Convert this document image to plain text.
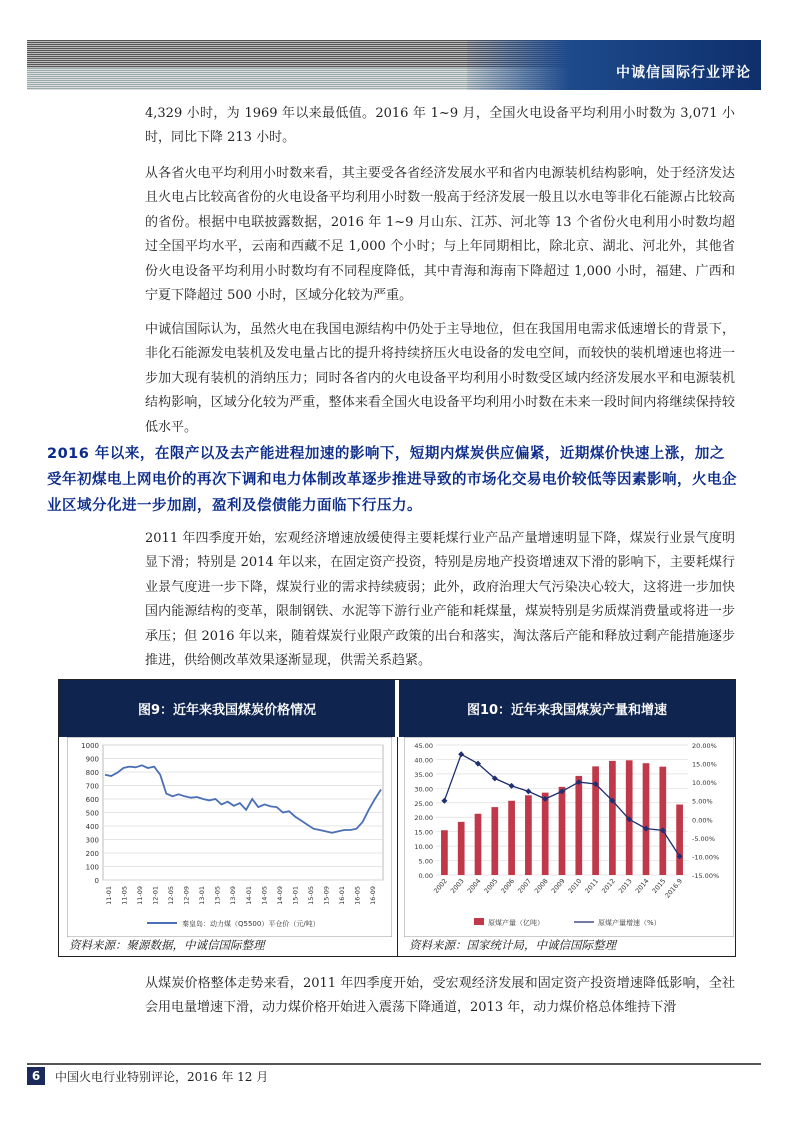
中诚信国际行业评论

4,329 小时，为 1969 年以来最低值。2016 年 1~9 月，全国火电设备平均利用小时数为 3,071 小时，同比下降 213 小时。

从各省火电平均利用小时数来看，其主要受各省经济发展水平和省内电源装机结构影响，处于经济发达且火电占比较高省份的火电设备平均利用小时数一般高于经济发展一般且以水电等非化石能源占比较高的省份。根据中电联披露数据，2016 年 1~9 月山东、江苏、河北等 13 个省份火电利用小时数均超过全国平均水平，云南和西藏不足 1,000 个小时；与上年同期相比，除北京、湖北、河北外，其他省份火电设备平均利用小时数均有不同程度降低，其中青海和海南下降超过 1,000 小时，福建、广西和宁夏下降超过 500 小时，区域分化较为严重。

中诚信国际认为，虽然火电在我国电源结构中仍处于主导地位，但在我国用电需求低速增长的背景下，非化石能源发电装机及发电量占比的提升将持续挤压火电设备的发电空间，而较快的装机增速也将进一步加大现有装机的消纳压力；同时各省内的火电设备平均利用小时数受区域内经济发展水平和电源装机结构影响，区域分化较为严重，整体来看全国火电设备平均利用小时数在未来一段时间内将继续保持较低水平。

2016 年以来，在限产以及去产能进程加速的影响下，短期内煤炭供应偏紧，近期煤价快速上涨，加之受年初煤电上网电价的再次下调和电力体制改革逐步推进导致的市场化交易电价较低等因素影响，火电企业区域分化进一步加剧，盈利及偿债能力面临下行压力。

2011 年四季度开始，宏观经济增速放缓使得主要耗煤行业产品产量增速明显下降，煤炭行业景气度明显下滑；特别是 2014 年以来，在固定资产投资，特别是房地产投资增速双下滑的影响下，主要耗煤行业景气度进一步下降，煤炭行业的需求持续疲弱；此外，政府治理大气污染决心较大，这将进一步加快国内能源结构的变革，限制钢铁、水泥等下游行业产能和耗煤量，煤炭特别是劣质煤消费量或将进一步承压；但 2016 年以来，随着煤炭行业限产政策的出台和落实，淘汰落后产能和释放过剩产能措施逐步推进，供给侧改革效果逐渐显现，供需关系趋紧。

图9：近年来我国煤炭价格情况	图10：近年来我国煤炭产量和增速
0
100
200
300
400
500
600
700
800
900
1000
11-01 11-05 11-09 12-01 12-05 12-09 13-01 13-05 13-09 14-01 14-05 14-09 15-01 15-05 15-09 16-01 16-05 16-09
秦皇岛：动力煤（Q5500）平仓价（元/吨）
0.00
5.00
10.00
15.00
20.00
25.00
30.00
35.00
40.00
45.00
-15.00%
-10.00%
-5.00%
0.00%
5.00%
10.00%
15.00%
20.00%
2002 2003 2004 2005 2006 2007 2008 2009 2010 2011 2012 2013 2014 2015
2016.9
原煤产量（亿吨）	原煤产量增速（%）
资料来源：聚源数据，中诚信国际整理	资料来源：国家统计局，中诚信国际整理

从煤炭价格整体走势来看，2011 年四季度开始，受宏观经济发展和固定资产投资增速降低影响，全社会用电量增速下滑，动力煤价格开始进入震荡下降通道，2013 年，动力煤价格总体维持下滑

6	中国火电行业特别评论，2016 年 12 月
